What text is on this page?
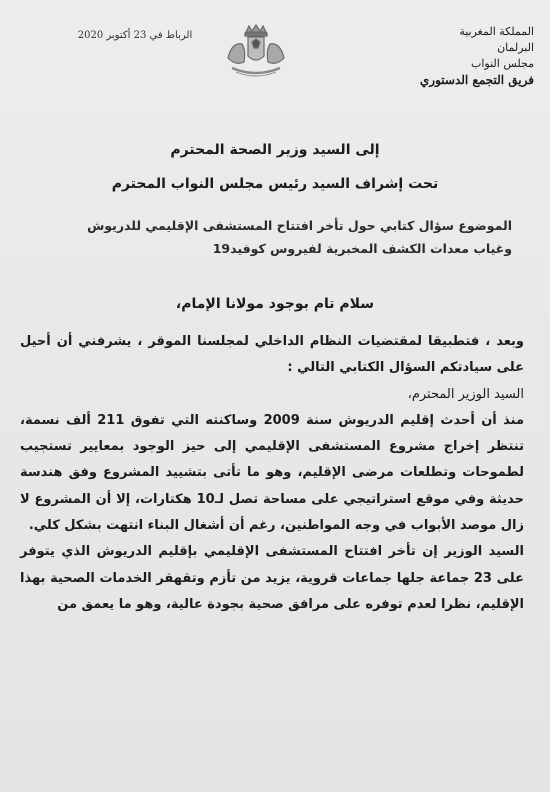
المملكة المغربية
البرلمان
مجلس النواب
فريق التجمع الدستوري
الرباط في 23 أكتوبر 2020
إلى السيد وزير الصحة المحترم
تحت إشراف السيد رئيس مجلس النواب المحترم
الموضوع سؤال كتابي حول تأخر افتتاح المستشفى الإقليمي للدريوش وغياب معدات الكشف المخبرية لفيروس كوفيد19
سلام تام بوجود مولانا الإمام،

وبعد ، فتطبيقا لمقتضيات النظام الداخلي لمجلسنا الموقر ، يشرفني أن أحيل على سيادتكم السؤال الكتابي التالي :

السيد الوزير المحترم،

منذ أن أحدث إقليم الدريوش سنة 2009 وساكنته التي تفوق 211 ألف نسمة، تنتظر إخراج مشروع المستشفى الإقليمي إلى حيز الوجود بمعايير تستجيب لطموحات وتطلعات مرضى الإقليم، وهو ما تأتى بتشييد المشروع وفق هندسة حديثة وفي موقع استراتيجي على مساحة تصل لـ10 هكتارات، إلا أن المشروع لا زال موصد الأبواب في وجه المواطنين، رغم أن أشغال البناء انتهت بشكل كلي.

السيد الوزير إن تأخر افتتاح المستشفى الإقليمي بإقليم الدريوش الذي يتوفر على 23 جماعة جلها جماعات قروية، يزيد من تأزم وتقهقر الخدمات الصحية بهذا الإقليم، نظرا لعدم توفره على مرافق صحية بجودة عالية، وهو ما يعمق من
